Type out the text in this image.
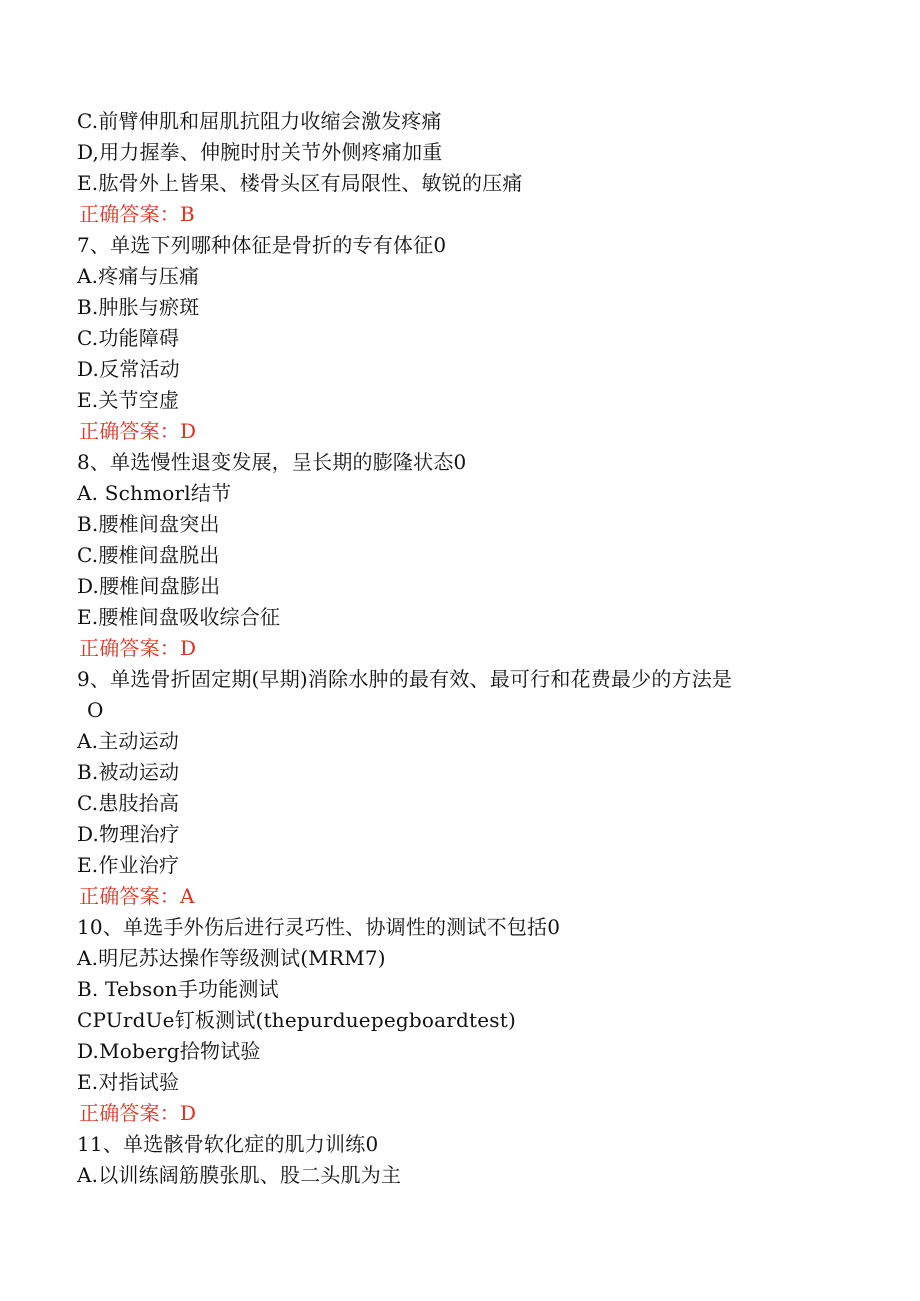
C.前臂伸肌和屈肌抗阻力收缩会激发疼痛
D,用力握拳、伸腕时肘关节外侧疼痛加重
E.肱骨外上皆果、楼骨头区有局限性、敏锐的压痛
正确答案：B
7、单选下列哪种体征是骨折的专有体征0
A.疼痛与压痛
B.肿胀与瘀斑
C.功能障碍
D.反常活动
E.关节空虚
正确答案：D
8、单选慢性退变发展，呈长期的膨隆状态0
A. Schmorl结节
B.腰椎间盘突出
C.腰椎间盘脱出
D.腰椎间盘膨出
E.腰椎间盘吸收综合征
正确答案：D
9、单选骨折固定期(早期)消除水肿的最有效、最可行和花费最少的方法是
O
A.主动运动
B.被动运动
C.患肢抬高
D.物理治疗
E.作业治疗
正确答案：A
10、单选手外伤后进行灵巧性、协调性的测试不包括0
A.明尼苏达操作等级测试(MRM7)
B. Tebson手功能测试
CPUrdUe钉板测试(thepurduepegboardtest)
D.Moberg拾物试验
E.对指试验
正确答案：D
11、单选骸骨软化症的肌力训练0
A.以训练阔筋膜张肌、股二头肌为主
